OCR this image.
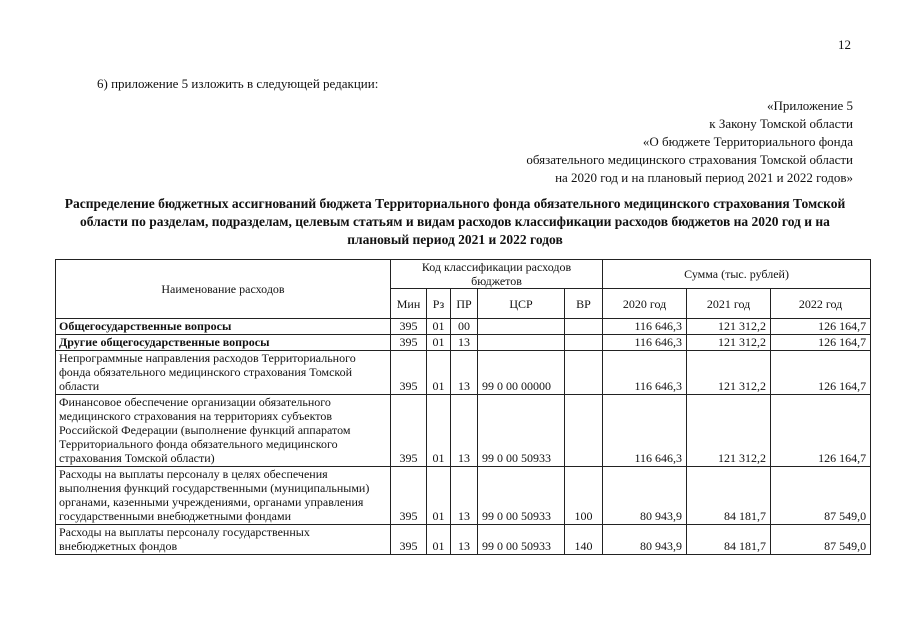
12
6) приложение 5 изложить в следующей редакции:
«Приложение 5
к Закону Томской области
«О бюджете Территориального фонда
обязательного медицинского страхования Томской области
на 2020 год и на плановый период 2021 и 2022 годов»
Распределение бюджетных ассигнований бюджета Территориального фонда обязательного медицинского страхования Томской области по разделам, подразделам, целевым статьям и видам расходов классификации расходов бюджетов на 2020 год и на плановый период 2021 и 2022 годов
Наименование расходов	Код классификации расходов бюджетов					Сумма (тыс. рублей)		
	Мин	Рз	ПР	ЦСР	ВР	2020 год	2021 год	2022 год
Общегосударственные вопросы	395	01	00			116 646,3	121 312,2	126 164,7
Другие общегосударственные вопросы	395	01	13			116 646,3	121 312,2	126 164,7
Непрограммные направления расходов Территориального фонда обязательного медицинского страхования Томской области	395	01	13	99 0 00 00000		116 646,3	121 312,2	126 164,7
Финансовое обеспечение организации обязательного медицинского страхования на территориях субъектов Российской Федерации (выполнение функций аппаратом Территориального фонда обязательного медицинского страхования Томской области)	395	01	13	99 0 00 50933		116 646,3	121 312,2	126 164,7
Расходы на выплаты персоналу в целях обеспечения выполнения функций государственными (муниципальными) органами, казенными учреждениями, органами управления государственными внебюджетными фондами	395	01	13	99 0 00 50933	100	80 943,9	84 181,7	87 549,0
Расходы на выплаты персоналу государственных внебюджетных фондов	395	01	13	99 0 00 50933	140	80 943,9	84 181,7	87 549,0
